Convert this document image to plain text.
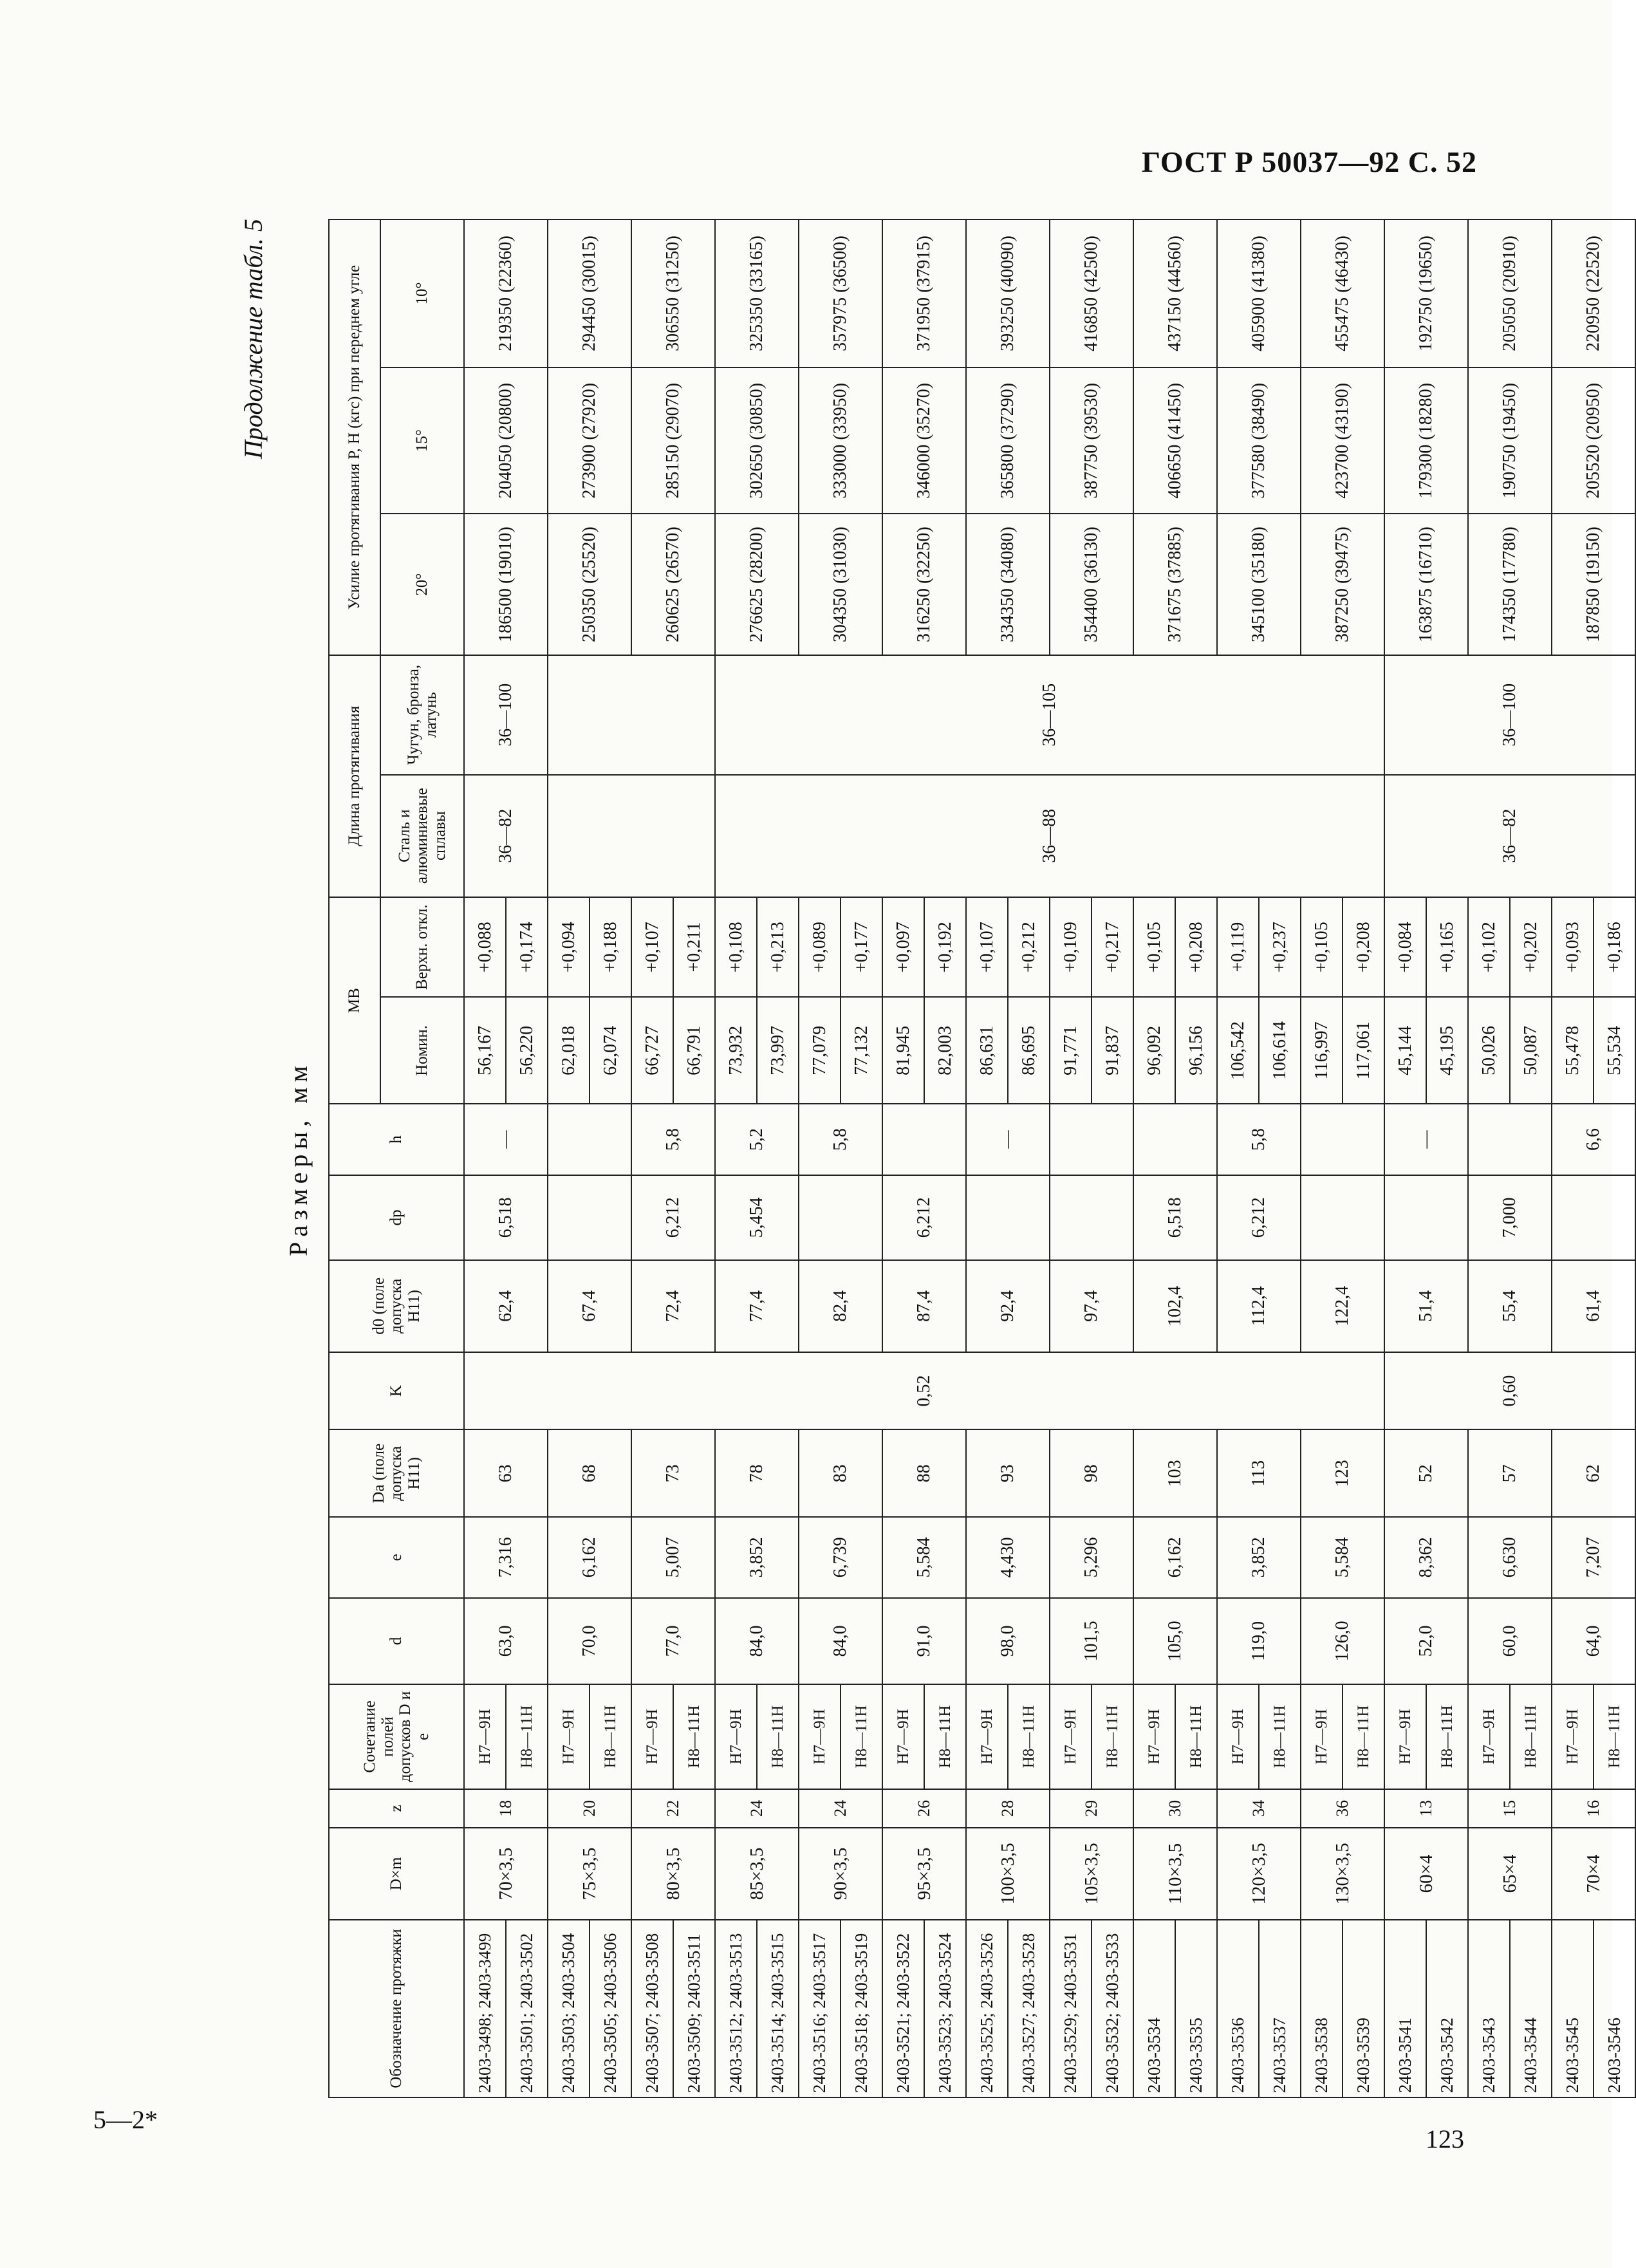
ГОСТ Р 50037—92 С. 52
Продолжение табл. 5
Размеры, мм
Обозначение протяжки	D×m	z	Сочетание полей допусков D и e	d	e	Da (поле допуска H11)	K	d0 (поле допуска H11)	dp	h	MB		Длина протягивания		Усилие протягивания P, Н (кгс) при переднем угле		
											Номин.	Верхн. откл.	Сталь и алюминиевые сплавы	Чугун, бронза, латунь	20°	15°	10°
2403-3498; 2403-3499	70×3,5	18	H7—9H	63,0	7,316	63	0,52	62,4	6,518	—	56,167	+0,088	36—82	36—100	186500 (19010)	204050 (20800)	219350 (22360)
2403-3501; 2403-3502			H8—11H								56,220	+0,174					
2403-3503; 2403-3504	75×3,5	20	H7—9H	70,0	6,162	68		67,4			62,018	+0,094			250350 (25520)	273900 (27920)	294450 (30015)
2403-3505; 2403-3506			H8—11H								62,074	+0,188					
2403-3507; 2403-3508	80×3,5	22	H7—9H	77,0	5,007	73		72,4	6,212	5,8	66,727	+0,107			260625 (26570)	285150 (29070)	306550 (31250)
2403-3509; 2403-3511			H8—11H								66,791	+0,211					
2403-3512; 2403-3513	85×3,5	24	H7—9H	84,0	3,852	78		77,4	5,454	5,2	73,932	+0,108	36—88	36—105	276625 (28200)	302650 (30850)	325350 (33165)
2403-3514; 2403-3515			H8—11H								73,997	+0,213					
2403-3516; 2403-3517	90×3,5	24	H7—9H	84,0	6,739	83		82,4		5,8	77,079	+0,089			304350 (31030)	333000 (33950)	357975 (36500)
2403-3518; 2403-3519			H8—11H								77,132	+0,177					
2403-3521; 2403-3522	95×3,5	26	H7—9H	91,0	5,584	88		87,4	6,212		81,945	+0,097			316250 (32250)	346000 (35270)	371950 (37915)
2403-3523; 2403-3524			H8—11H								82,003	+0,192					
2403-3525; 2403-3526	100×3,5	28	H7—9H	98,0	4,430	93		92,4		—	86,631	+0,107			334350 (34080)	365800 (37290)	393250 (40090)
2403-3527; 2403-3528			H8—11H								86,695	+0,212					
2403-3529; 2403-3531	105×3,5	29	H7—9H	101,5	5,296	98		97,4			91,771	+0,109			354400 (36130)	387750 (39530)	416850 (42500)
2403-3532; 2403-3533			H8—11H								91,837	+0,217					
2403-3534	110×3,5	30	H7—9H	105,0	6,162	103		102,4	6,518		96,092	+0,105			371675 (37885)	406650 (41450)	437150 (44560)
2403-3535			H8—11H								96,156	+0,208					
2403-3536	120×3,5	34	H7—9H	119,0	3,852	113		112,4	6,212	5,8	106,542	+0,119			345100 (35180)	377580 (38490)	405900 (41380)
2403-3537			H8—11H								106,614	+0,237					
2403-3538	130×3,5	36	H7—9H	126,0	5,584	123		122,4			116,997	+0,105			387250 (39475)	423700 (43190)	455475 (46430)
2403-3539			H8—11H								117,061	+0,208					
2403-3541	60×4	13	H7—9H	52,0	8,362	52	0,60	51,4		—	45,144	+0,084	36—82	36—100	163875 (16710)	179300 (18280)	192750 (19650)
2403-3542			H8—11H								45,195	+0,165					
2403-3543	65×4	15	H7—9H	60,0	6,630	57		55,4	7,000		50,026	+0,102			174350 (17780)	190750 (19450)	205050 (20910)
2403-3544			H8—11H								50,087	+0,202					
2403-3545	70×4	16	H7—9H	64,0	7,207	62		61,4		6,6	55,478	+0,093			187850 (19150)	205520 (20950)	220950 (22520)
2403-3546			H8—11H								55,534	+0,186					
5—2*
123
